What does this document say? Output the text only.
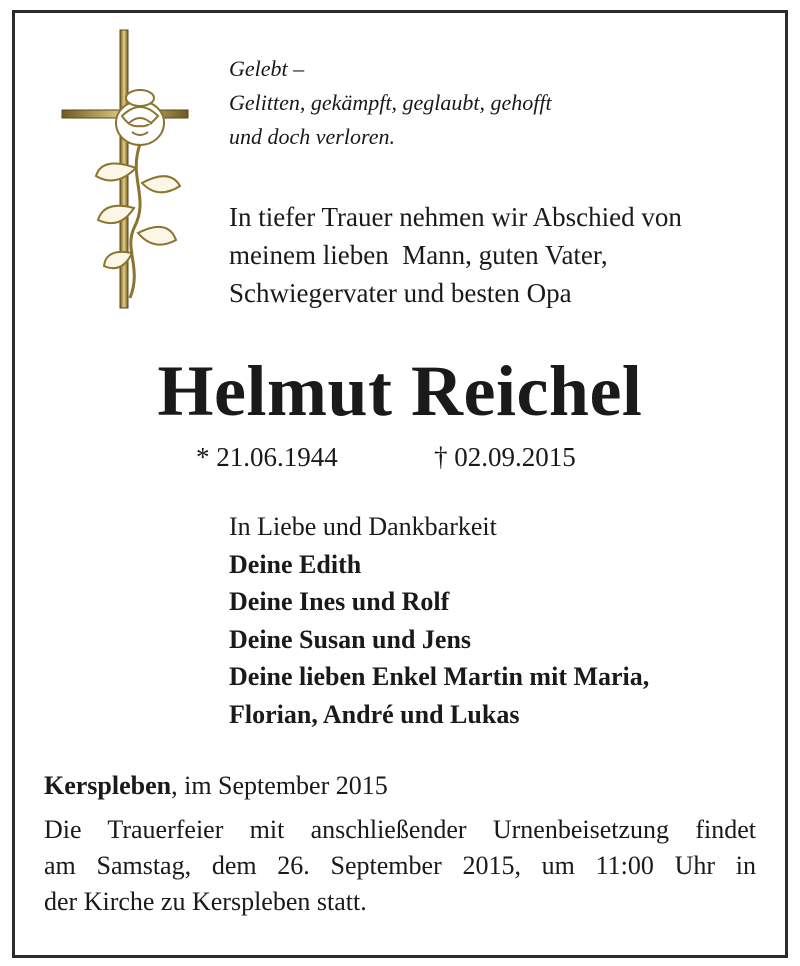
Gelebt –
Gelitten, gekämpft, geglaubt, gehofft
und doch verloren.
In tiefer Trauer nehmen wir Abschied von
meinem lieben  Mann, guten Vater,
Schwiegervater und besten Opa
Helmut Reichel
* 21.06.1944	† 02.09.2015
In Liebe und Dankbarkeit
Deine Edith
Deine Ines und Rolf
Deine Susan und Jens
Deine lieben Enkel Martin mit Maria,
Florian, André und Lukas
Kerspleben, im September 2015
Die Trauerfeier mit anschließender Urnenbeisetzung findet
am Samstag, dem 26. September 2015, um 11:00 Uhr in
der Kirche zu Kerspleben statt.
